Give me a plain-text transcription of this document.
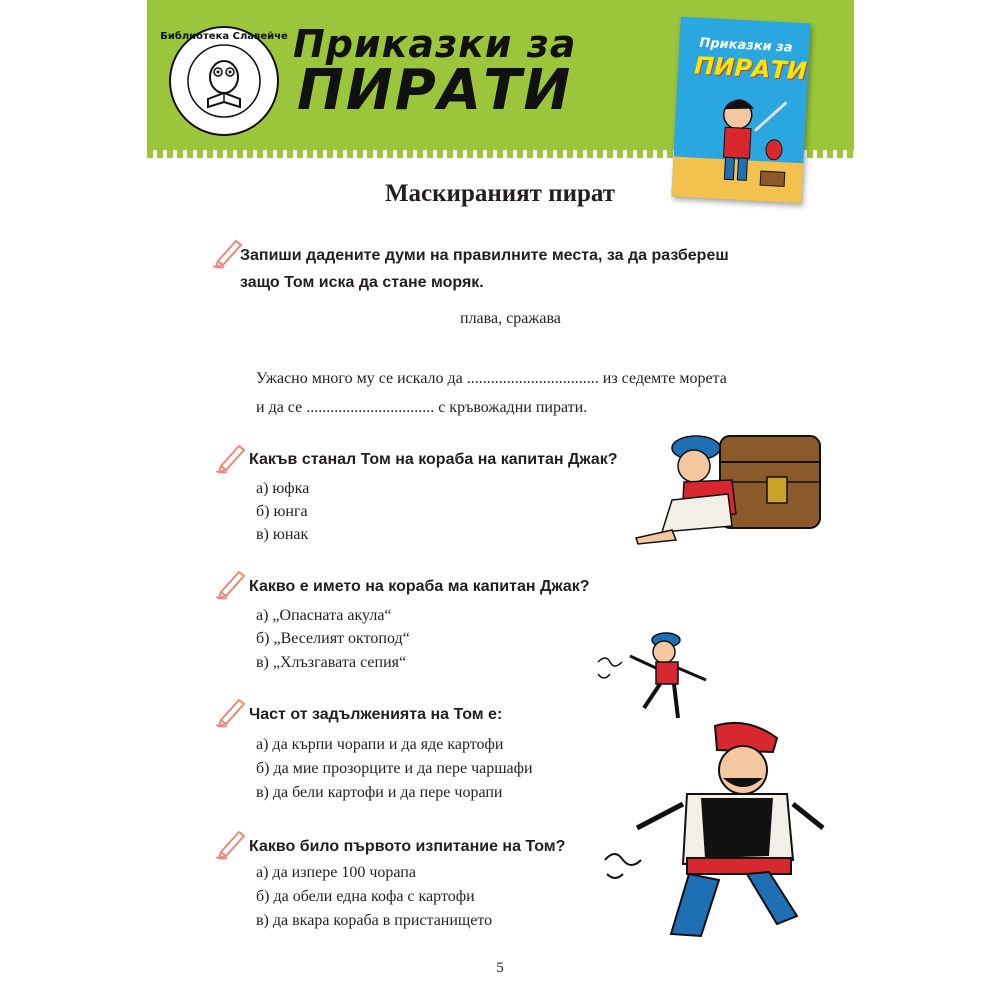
Библиотека Славейче Приказки за
ПИРАТИ
Приказки за
ПИРАТИ
Маскираният пират
Запиши дадените думи на правилните места, за да разбереш
защо Том иска да стане моряк.
плава, сражава
Ужасно много му се искало да ................................. из седемте морета
и да се ................................ с кръвожадни пирати.
Какъв станал Том на кораба на капитан Джак?
а) юфка
б) юнга
в) юнак
Какво е името на кораба ма капитан Джак?
а) „Опасната акула“
б) „Веселият октопод“
в) „Хлъзгавата сепия“
Част от задълженията на Том е:
а) да кърпи чорапи и да яде картофи
б) да мие прозорците и да пере чаршафи
в) да бели картофи и да пере чорапи
Какво било първото изпитание на Том?
а) да изпере 100 чорапа
б) да обели една кофа с картофи
в) да вкара кораба в пристанището
5
